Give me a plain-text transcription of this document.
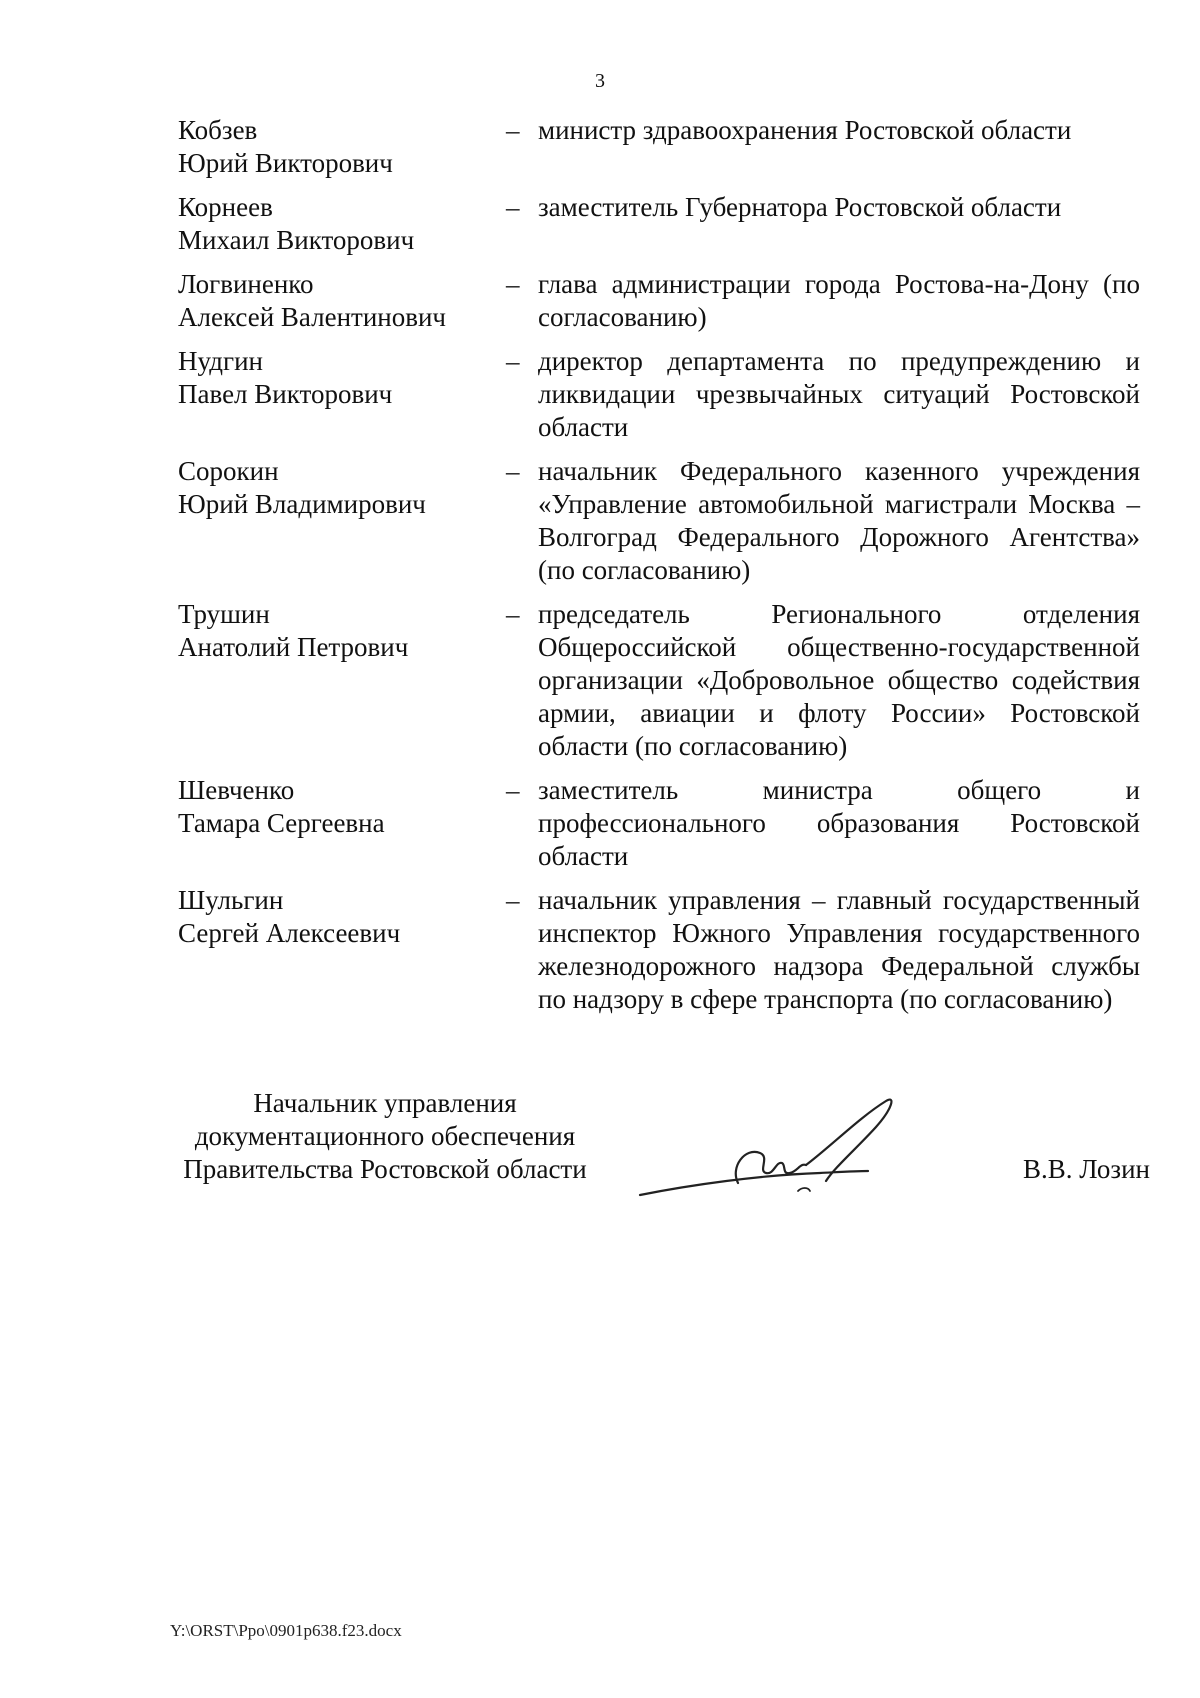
3
Кобзев
Юрий Викторович
– министр здравоохранения Ростовской области
Корнеев
Михаил Викторович
– заместитель Губернатора Ростовской области
Логвиненко
Алексей Валентинович
– глава администрации города Ростова-на-Дону (по согласованию)
Нудгин
Павел Викторович
– директор департамента по предупреждению и ликвидации чрезвычайных ситуаций Ростовской области
Сорокин
Юрий Владимирович
– начальник Федерального казенного учреждения «Управление автомобильной магистрали Москва – Волгоград Федерального Дорожного Агентства» (по согласованию)
Трушин
Анатолий Петрович
– председатель Регионального отделения Общероссийской общественно-государственной организации «Добровольное общество содействия армии, авиации и флоту России» Ростовской области (по согласованию)
Шевченко
Тамара Сергеевна
– заместитель министра общего и профессионального образования Ростовской области
Шульгин
Сергей Алексеевич
– начальник управления – главный государственный инспектор Южного Управления государственного железнодорожного надзора Федеральной службы по надзору в сфере транспорта (по согласованию)
Начальник управления
документационного обеспечения
Правительства Ростовской области	В.В. Лозин
Y:\ORST\Ppo\0901p638.f23.docx
